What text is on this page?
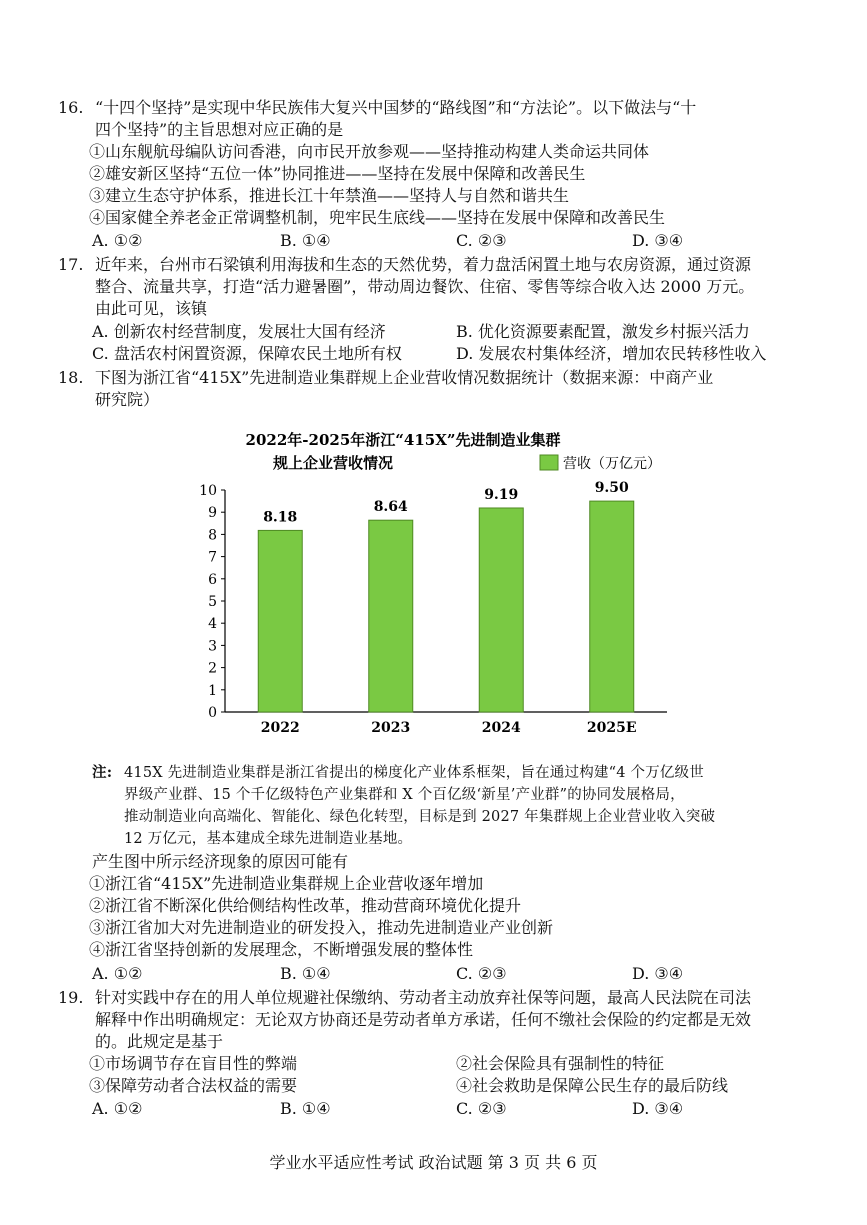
16. “十四个坚持”是实现中华民族伟大复兴中国梦的“路线图”和“方法论”。以下做法与“十
四个坚持”的主旨思想对应正确的是
①山东舰航母编队访问香港，向市民开放参观——坚持推动构建人类命运共同体
②雄安新区坚持“五位一体”协同推进——坚持在发展中保障和改善民生
③建立生态守护体系，推进长江十年禁渔——坚持人与自然和谐共生
④国家健全养老金正常调整机制，兜牢民生底线——坚持在发展中保障和改善民生
A. ①②	B. ①④	C. ②③	D. ③④
17. 近年来，台州市石梁镇利用海拔和生态的天然优势，着力盘活闲置土地与农房资源，通过资源
整合、流量共享，打造“活力避暑圈”，带动周边餐饮、住宿、零售等综合收入达 2000 万元。
由此可见，该镇
A. 创新农村经营制度，发展壮大国有经济	B. 优化资源要素配置，激发乡村振兴活力
C. 盘活农村闲置资源，保障农民土地所有权	D. 发展农村集体经济，增加农民转移性收入
18. 下图为浙江省“415X”先进制造业集群规上企业营收情况数据统计（数据来源：中商产业
研究院）
2022年-2025年浙江“415X”先进制造业集群
规上企业营收情况	营收（万亿元）
0
1
2
3
4
5
6
7
8
9
10
8.18
2022
8.64
2023
9.19
2024
9.50
2025E
注: 415X 先进制造业集群是浙江省提出的梯度化产业体系框架，旨在通过构建“4 个万亿级世
界级产业群、15 个千亿级特色产业集群和 X 个百亿级‘新星’产业群”的协同发展格局，
推动制造业向高端化、智能化、绿色化转型，目标是到 2027 年集群规上企业营业收入突破
12 万亿元，基本建成全球先进制造业基地。
产生图中所示经济现象的原因可能有
①浙江省“415X”先进制造业集群规上企业营收逐年增加
②浙江省不断深化供给侧结构性改革，推动营商环境优化提升
③浙江省加大对先进制造业的研发投入，推动先进制造业产业创新
④浙江省坚持创新的发展理念，不断增强发展的整体性
A. ①②	B. ①④	C. ②③	D. ③④
19. 针对实践中存在的用人单位规避社保缴纳、劳动者主动放弃社保等问题，最高人民法院在司法
解释中作出明确规定：无论双方协商还是劳动者单方承诺，任何不缴社会保险的约定都是无效
的。此规定是基于
①市场调节存在盲目性的弊端	②社会保险具有强制性的特征
③保障劳动者合法权益的需要	④社会救助是保障公民生存的最后防线
A. ①②	B. ①④	C. ②③	D. ③④
学业水平适应性考试 政治试题 第 3 页 共 6 页
